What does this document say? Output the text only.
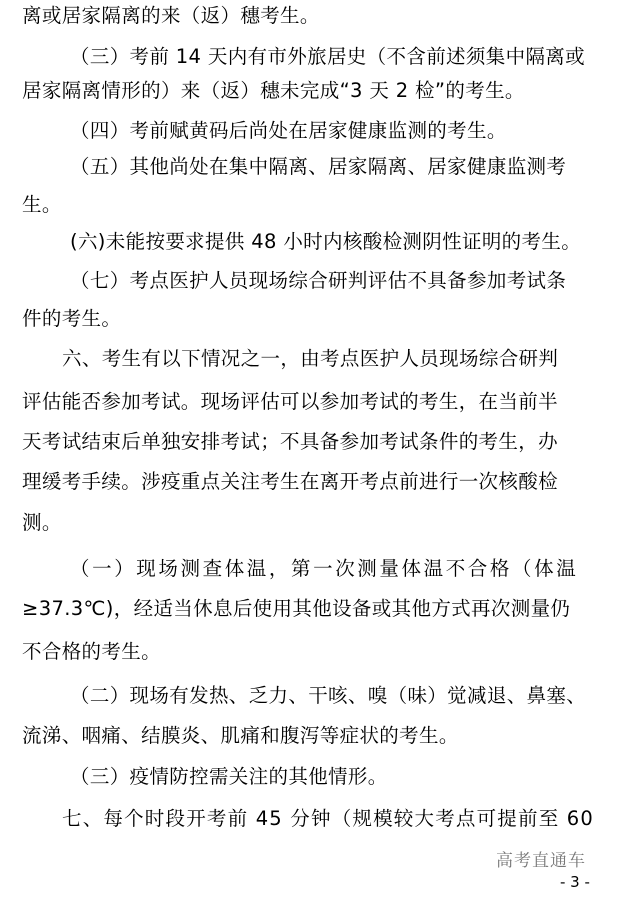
离或居家隔离的来（返）穗考生。
（三）考前 14 天内有市外旅居史（不含前述须集中隔离或
居家隔离情形的）来（返）穗未完成“3 天 2 检”的考生。
（四）考前赋黄码后尚处在居家健康监测的考生。
（五）其他尚处在集中隔离、居家隔离、居家健康监测考
生。
(六)未能按要求提供 48 小时内核酸检测阴性证明的考生。
（七）考点医护人员现场综合研判评估不具备参加考试条
件的考生。
六、考生有以下情况之一，由考点医护人员现场综合研判
评估能否参加考试。现场评估可以参加考试的考生，在当前半
天考试结束后单独安排考试；不具备参加考试条件的考生，办
理缓考手续。涉疫重点关注考生在离开考点前进行一次核酸检
测。
（一）现场测查体温，第一次测量体温不合格（体温
≥37.3℃)，经适当休息后使用其他设备或其他方式再次测量仍
不合格的考生。
（二）现场有发热、乏力、干咳、嗅（味）觉减退、鼻塞、
流涕、咽痛、结膜炎、肌痛和腹泻等症状的考生。
（三）疫情防控需关注的其他情形。
七、每个时段开考前 45 分钟（规模较大考点可提前至 60
高考直通车
- 3 -
